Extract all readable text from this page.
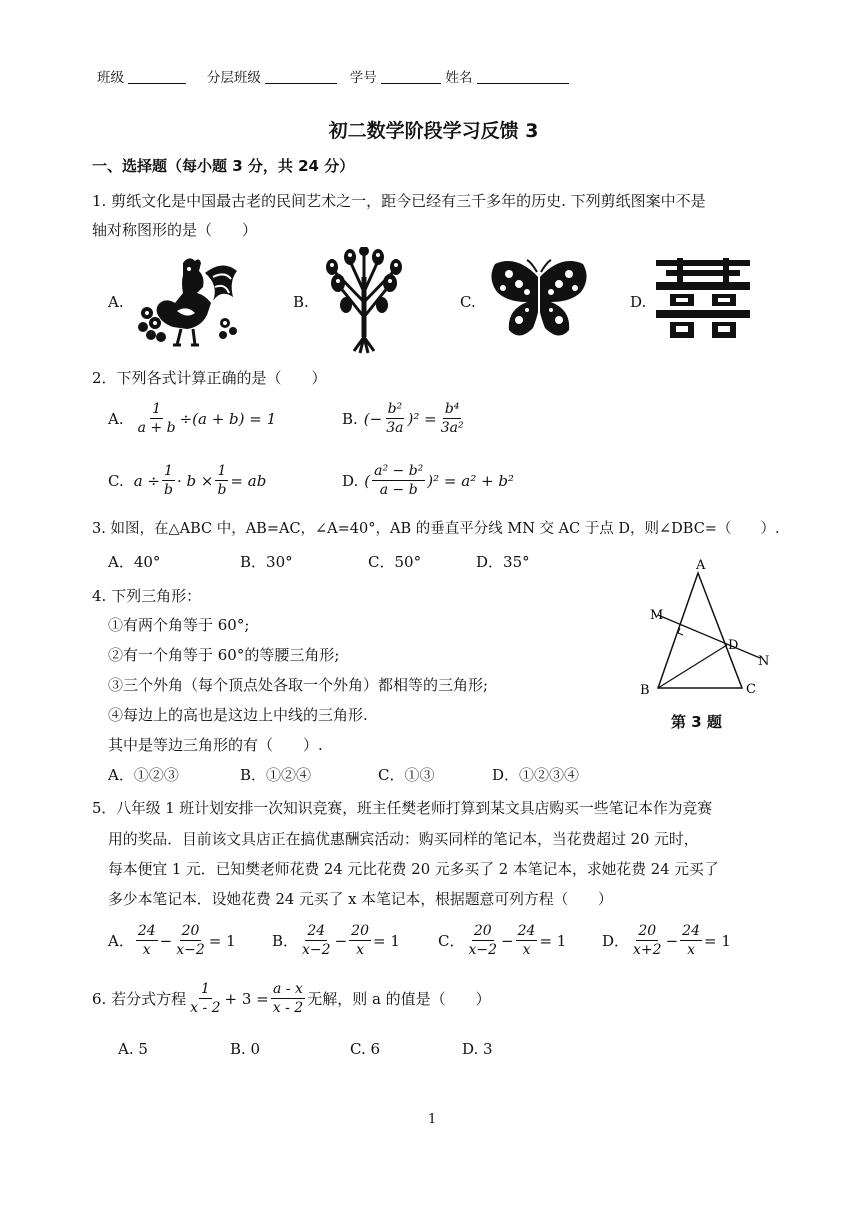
班级	分层班级	学号	姓名
初二数学阶段学习反馈 3
一、选择题（每小题 3 分，共 24 分）
1. 剪纸文化是中国最古老的民间艺术之一，距今已经有三千多年的历史. 下列剪纸图案中不是
轴对称图形的是（　　）
A.	B.	C.	D.
2．下列各式计算正确的是（　　）
A. $\frac{1}{a + b} \div(a + b) = 1$	B. (− $\frac{\text{b²}}{3a} )^2 = \frac{\text{b⁴}}{\text{3a²}}$
C. $a \div \frac{1}{b} \cdot b \times \frac{1}{b}$ = ab	D. ( $\frac{\text{a² − b²}}{a - b} )^2 = a^2 + b^2$
3. 如图，在△ABC 中，AB=AC，∠A=40°，AB 的垂直平分线 MN 交 AC 于点 D，则∠DBC=（　　）.
A．40°	B．30°	C．50°	D．35°	A
M
D
N
B	C
第 3 题
4. 下列三角形：
①有两个角等于 60°;
②有一个角等于 60°的等腰三角形;
③三个外角（每个顶点处各取一个外角）都相等的三角形;
④每边上的高也是这边上中线的三角形.
其中是等边三角形的有（　　）.
A．①②③	B．①②④	C．①③	D．①②③④
5．八年级 1 班计划安排一次知识竞赛，班主任樊老师打算到某文具店购买一些笔记本作为竞赛
用的奖品．目前该文具店正在搞优惠酬宾活动：购买同样的笔记本，当花费超过 20 元时，
每本便宜 1 元．已知樊老师花费 24 元比花费 20 元多买了 2 本笔记本，求她花费 24 元买了
多少本笔记本．设她花费 24 元买了 x 本笔记本，根据题意可列方程（　　）
A． $\frac{24}{x} - \frac{20}{x-2} = 1$ B． $\frac{24}{x-2} - \frac{20}{x} = 1$	C． $\frac{20}{x-2} - \frac{24}{x} = 1$ D． $\frac{20}{x+2} - \frac{24}{x} = 1$
6. 若分式方程 $\frac{1}{x - 2} + 3 = \frac{a - x}{x - 2}$ 无解，则 a 的值是（　　）
A. 5	B. 0	C. 6	D. 3
1
